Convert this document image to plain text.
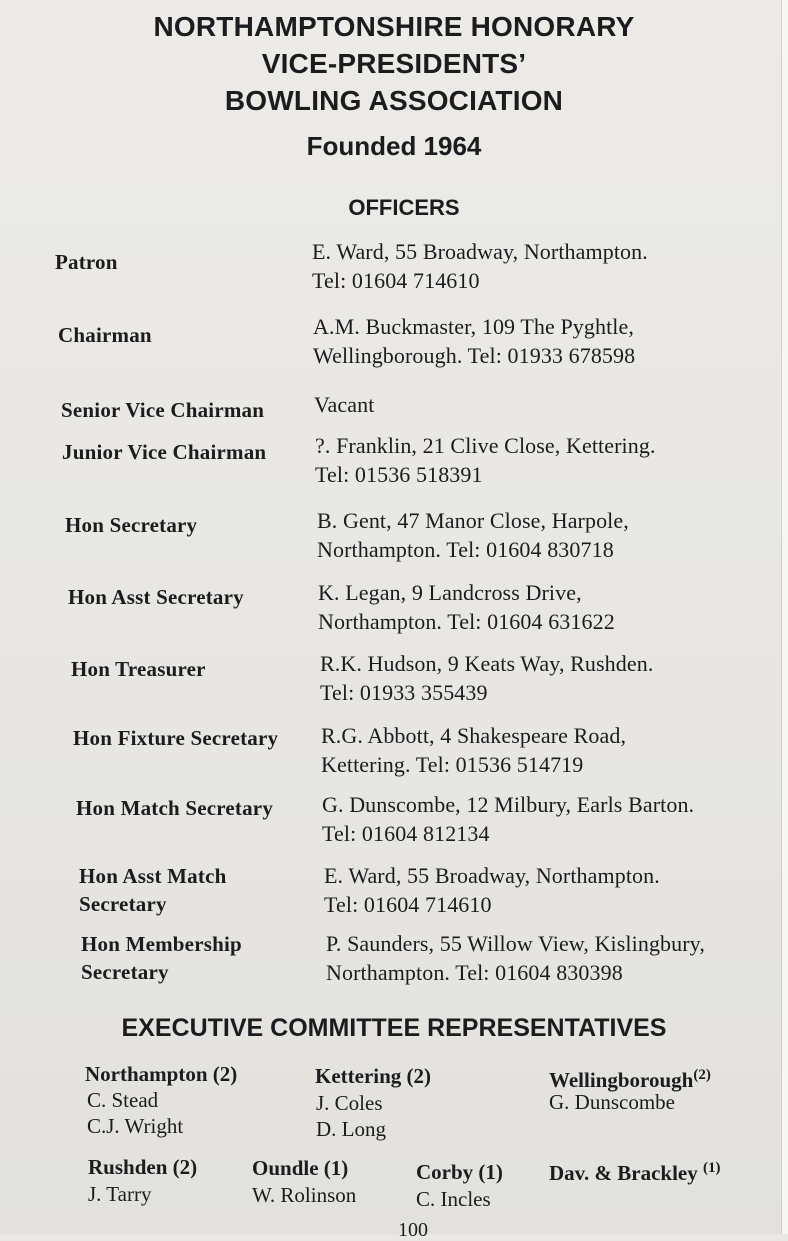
NORTHAMPTONSHIRE HONORARY
VICE-PRESIDENTS’
BOWLING ASSOCIATION
Founded 1964
OFFICERS
Patron	E. Ward, 55 Broadway, Northampton.
Tel: 01604 714610
Chairman	A.M. Buckmaster, 109 The Pyghtle,
Wellingborough. Tel: 01933 678598
Senior Vice Chairman Vacant
Junior Vice Chairman ?. Franklin, 21 Clive Close, Kettering.
Tel: 01536 518391
Hon Secretary	B. Gent, 47 Manor Close, Harpole,
Northampton. Tel: 01604 830718
Hon Asst Secretary	K. Legan, 9 Landcross Drive,
Northampton. Tel: 01604 631622
Hon Treasurer	R.K. Hudson, 9 Keats Way, Rushden.
Tel: 01933 355439
Hon Fixture Secretary R.G. Abbott, 4 Shakespeare Road,
Kettering. Tel: 01536 514719
Hon Match Secretary G. Dunscombe, 12 Milbury, Earls Barton.
Tel: 01604 812134
Hon Asst Match
Secretary
E. Ward, 55 Broadway, Northampton.
Tel: 01604 714610
Hon Membership
Secretary
P. Saunders, 55 Willow View, Kislingbury,
Northampton. Tel: 01604 830398
EXECUTIVE COMMITTEE REPRESENTATIVES
Northampton (2)
C. Stead
C.J. Wright
Kettering (2)
J. Coles
D. Long
Wellingborough$^{(2)}$
G. Dunscombe
Rushden (2)
J. Tarry
Oundle (1)
W. Rolinson
Corby (1)
C. Incles
Dav. & Brackley $^{(1)}$
100
